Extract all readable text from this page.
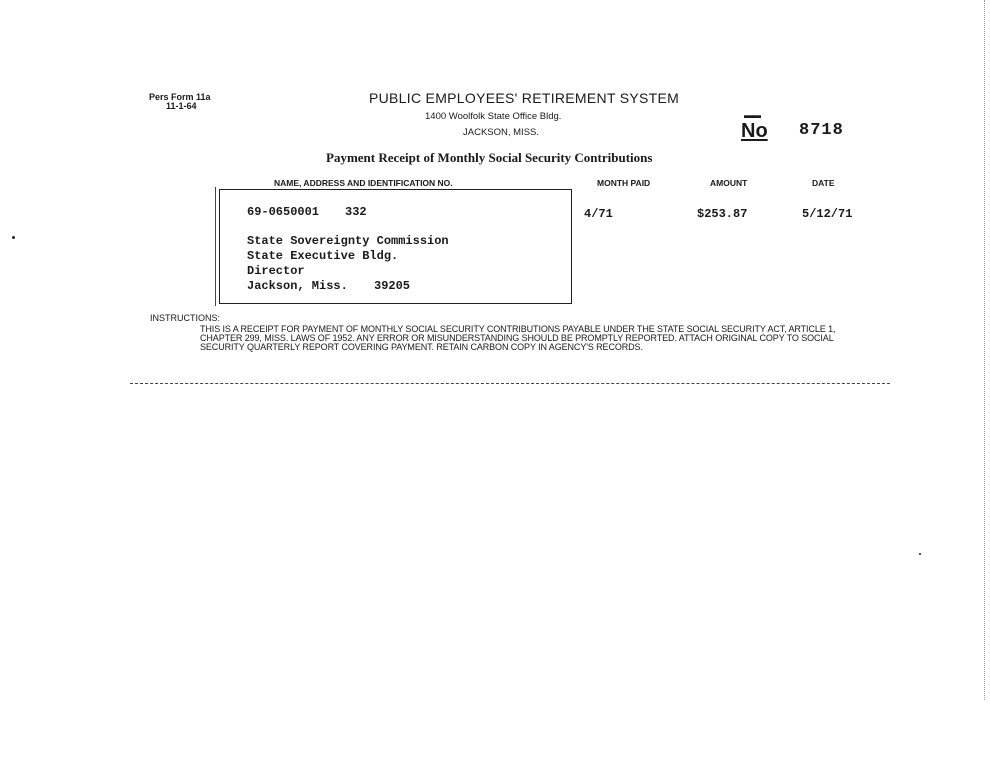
Pers Form 11a
11-1-64	PUBLIC EMPLOYEES' RETIREMENT SYSTEM
1400 Woolfolk State Office Bldg.
JACKSON, MISS.
▬▬
No 8718
Payment Receipt of Monthly Social Security Contributions
NAME, ADDRESS AND IDENTIFICATION NO.	MONTH PAID	AMOUNT	DATE
69-0650001 332
State Sovereignty Commission
State Executive Bldg.
Director
Jackson, Miss. 39205
4/71	$253.87	5/12/71
INSTRUCTIONS:
THIS IS A RECEIPT FOR PAYMENT OF MONTHLY SOCIAL SECURITY CONTRIBUTIONS PAYABLE UNDER THE STATE SOCIAL SECURITY ACT, ARTICLE 1, CHAPTER 299, MISS. LAWS OF 1952. ANY ERROR OR MISUNDERSTANDING SHOULD BE PROMPTLY REPORTED. ATTACH ORIGINAL COPY TO SOCIAL SECURITY QUARTERLY REPORT COVERING PAYMENT. RETAIN CARBON COPY IN AGENCY'S RECORDS.
